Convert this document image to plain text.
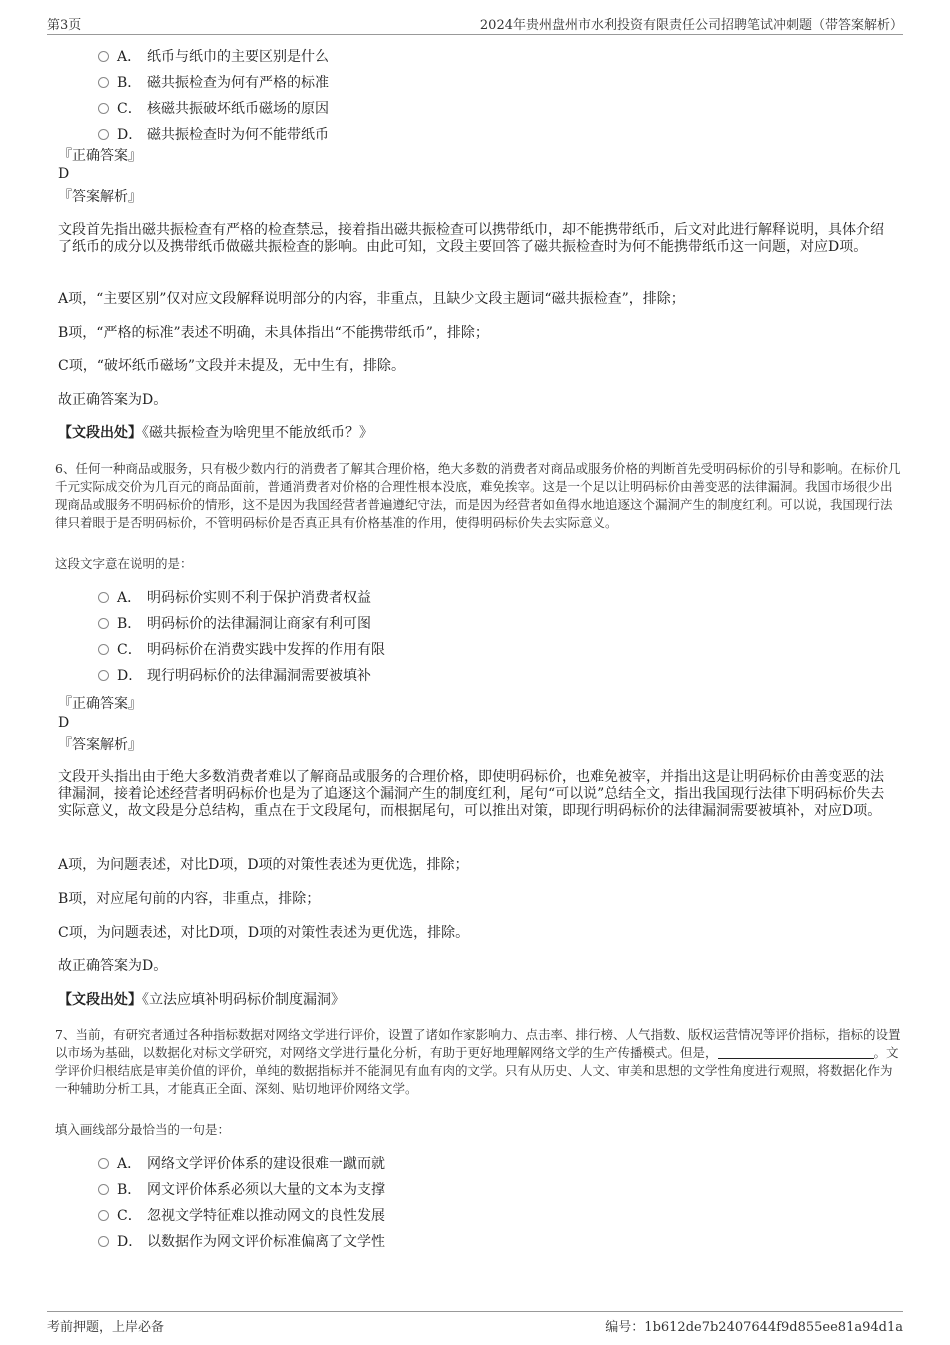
第3页	2024年贵州盘州市水利投资有限责任公司招聘笔试冲刺题（带答案解析）
A． 纸币与纸巾的主要区别是什么
B． 磁共振检查为何有严格的标准
C． 核磁共振破坏纸币磁场的原因
D． 磁共振检查时为何不能带纸币
『正确答案』
D
『答案解析』
文段首先指出磁共振检查有严格的检查禁忌，接着指出磁共振检查可以携带纸巾，却不能携带纸币，后文对此进行解释说明，具体介绍了纸币的成分以及携带纸币做磁共振检查的影响。由此可知，文段主要回答了磁共振检查时为何不能携带纸币这一问题，对应D项。
A项，“主要区别”仅对应文段解释说明部分的内容，非重点，且缺少文段主题词“磁共振检查”，排除；
B项，“严格的标准”表述不明确，未具体指出“不能携带纸币”，排除；
C项，“破坏纸币磁场”文段并未提及，无中生有，排除。
故正确答案为D。
【文段出处】《磁共振检查为啥兜里不能放纸币？》
6、任何一种商品或服务，只有极少数内行的消费者了解其合理价格，绝大多数的消费者对商品或服务价格的判断首先受明码标价的引导和影响。在标价几千元实际成交价为几百元的商品面前，普通消费者对价格的合理性根本没底，难免挨宰。这是一个足以让明码标价由善变恶的法律漏洞。我国市场很少出现商品或服务不明码标价的情形，这不是因为我国经营者普遍遵纪守法，而是因为经营者如鱼得水地追逐这个漏洞产生的制度红利。可以说，我国现行法律只着眼于是否明码标价，不管明码标价是否真正具有价格基准的作用，使得明码标价失去实际意义。
这段文字意在说明的是：
A． 明码标价实则不利于保护消费者权益
B． 明码标价的法律漏洞让商家有利可图
C． 明码标价在消费实践中发挥的作用有限
D． 现行明码标价的法律漏洞需要被填补
『正确答案』
D
『答案解析』
文段开头指出由于绝大多数消费者难以了解商品或服务的合理价格，即使明码标价，也难免被宰，并指出这是让明码标价由善变恶的法律漏洞，接着论述经营者明码标价也是为了追逐这个漏洞产生的制度红利，尾句“可以说”总结全文，指出我国现行法律下明码标价失去实际意义，故文段是分总结构，重点在于文段尾句，而根据尾句，可以推出对策，即现行明码标价的法律漏洞需要被填补，对应D项。
A项，为问题表述，对比D项，D项的对策性表述为更优选，排除；
B项，对应尾句前的内容，非重点，排除；
C项，为问题表述，对比D项，D项的对策性表述为更优选，排除。
故正确答案为D。
【文段出处】《立法应填补明码标价制度漏洞》
7、当前，有研究者通过各种指标数据对网络文学进行评价，设置了诸如作家影响力、点击率、排行榜、人气指数、版权运营情况等评价指标，指标的设置以市场为基础，以数据化对标文学研究，对网络文学进行量化分析，有助于更好地理解网络文学的生产传播模式。但是，	。文学评价归根结底是审美价值的评价，单纯的数据指标并不能洞见有血有肉的文学。只有从历史、人文、审美和思想的文学性角度进行观照，将数据化作为一种辅助分析工具，才能真正全面、深刻、贴切地评价网络文学。
填入画线部分最恰当的一句是：
A． 网络文学评价体系的建设很难一蹴而就
B． 网文评价体系必须以大量的文本为支撑
C． 忽视文学特征难以推动网文的良性发展
D． 以数据作为网文评价标准偏离了文学性
考前押题，上岸必备	编号：1b612de7b2407644f9d855ee81a94d1a
